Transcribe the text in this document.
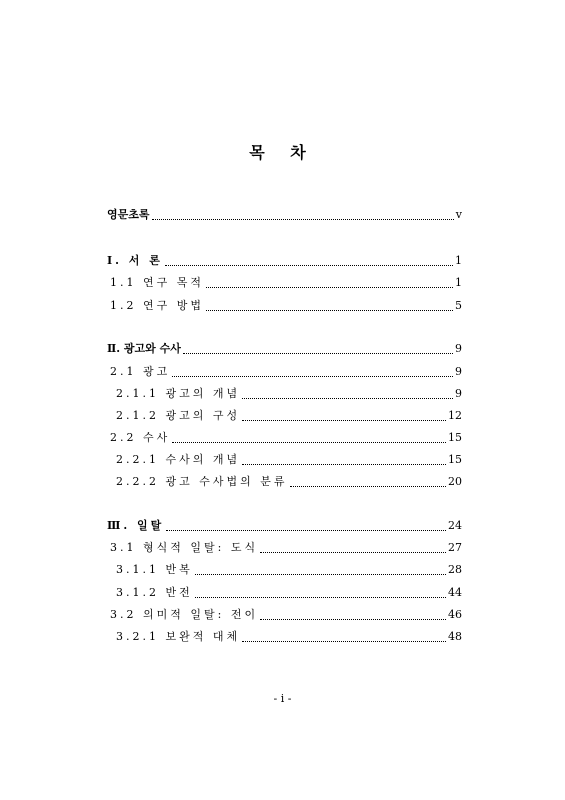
목 차
영문초록	v
Ⅰ. 서 론	1
1.1 연구 목적	1
1.2 연구 방법	5
Ⅱ. 광고와 수사	9
2.1 광고	9
2.1.1 광고의 개념	9
2.1.2 광고의 구성	12
2.2 수사	15
2.2.1 수사의 개념	15
2.2.2 광고 수사법의 분류	20
Ⅲ. 일탈	24
3.1 형식적 일탈: 도식	27
3.1.1 반복	28
3.1.2 반전	44
3.2 의미적 일탈: 전이	46
3.2.1 보완적 대체	48
- i -
